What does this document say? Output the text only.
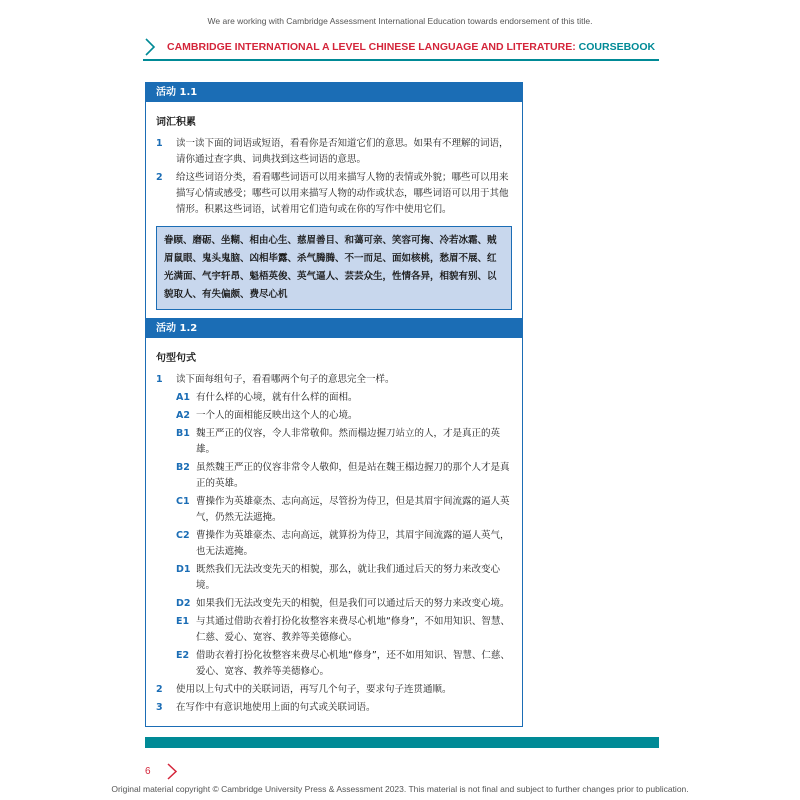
We are working with Cambridge Assessment International Education towards endorsement of this title.
CAMBRIDGE INTERNATIONAL A LEVEL CHINESE LANGUAGE AND LITERATURE: COURSEBOOK
活动 1.1
词汇积累
1	读一读下面的词语或短语，看看你是否知道它们的意思。如果有不理解的词语，请你通过查字典、词典找到这些词语的意思。
2	给这些词语分类，看看哪些词语可以用来描写人物的表情或外貌；哪些可以用来描写心情或感受；哪些可以用来描写人物的动作或状态，哪些词语可以用于其他情形。积累这些词语，试着用它们造句或在你的写作中使用它们。
眷顾、磨砺、坐糊、相由心生、慈眉善目、和蔼可亲、笑容可掬、冷若冰霜、贼眉鼠眼、鬼头鬼脑、凶相毕露、杀气腾腾、不一而足、面如核桃，愁眉不展、红光满面、气宇轩昂、魁梧英俊、英气逼人、芸芸众生，性情各异，相貌有别、以貌取人、有失偏颇、费尽心机
活动 1.2
句型句式
1	读下面每组句子，看看哪两个句子的意思完全一样。
A1 有什么样的心境，就有什么样的面相。
A2 一个人的面相能反映出这个人的心境。
B1 魏王严正的仪容，令人非常敬仰。然而榻边握刀站立的人，才是真正的英雄。
B2 虽然魏王严正的仪容非常令人敬仰，但是站在魏王榻边握刀的那个人才是真正的英雄。
C1 曹操作为英雄豪杰、志向高远，尽管扮为侍卫，但是其眉宇间流露的逼人英气，仍然无法遮掩。
C2 曹操作为英雄豪杰、志向高远，就算扮为侍卫，其眉宇间流露的逼人英气，也无法遮掩。
D1 既然我们无法改变先天的相貌，那么，就让我们通过后天的努力来改变心境。
D2 如果我们无法改变先天的相貌，但是我们可以通过后天的努力来改变心境。
E1 与其通过借助衣着打扮化妆整容来费尽心机地“修身”，不如用知识、智慧、仁慈、爱心、宽容、教养等美德修心。
E2 借助衣着打扮化妆整容来费尽心机地“修身”，还不如用知识、智慧、仁慈、爱心、宽容、教养等美德修心。
2	使用以上句式中的关联词语，再写几个句子，要求句子连贯通顺。
3	在写作中有意识地使用上面的句式或关联词语。
6
Original material copyright © Cambridge University Press & Assessment 2023. This material is not final and subject to further changes prior to publication.
